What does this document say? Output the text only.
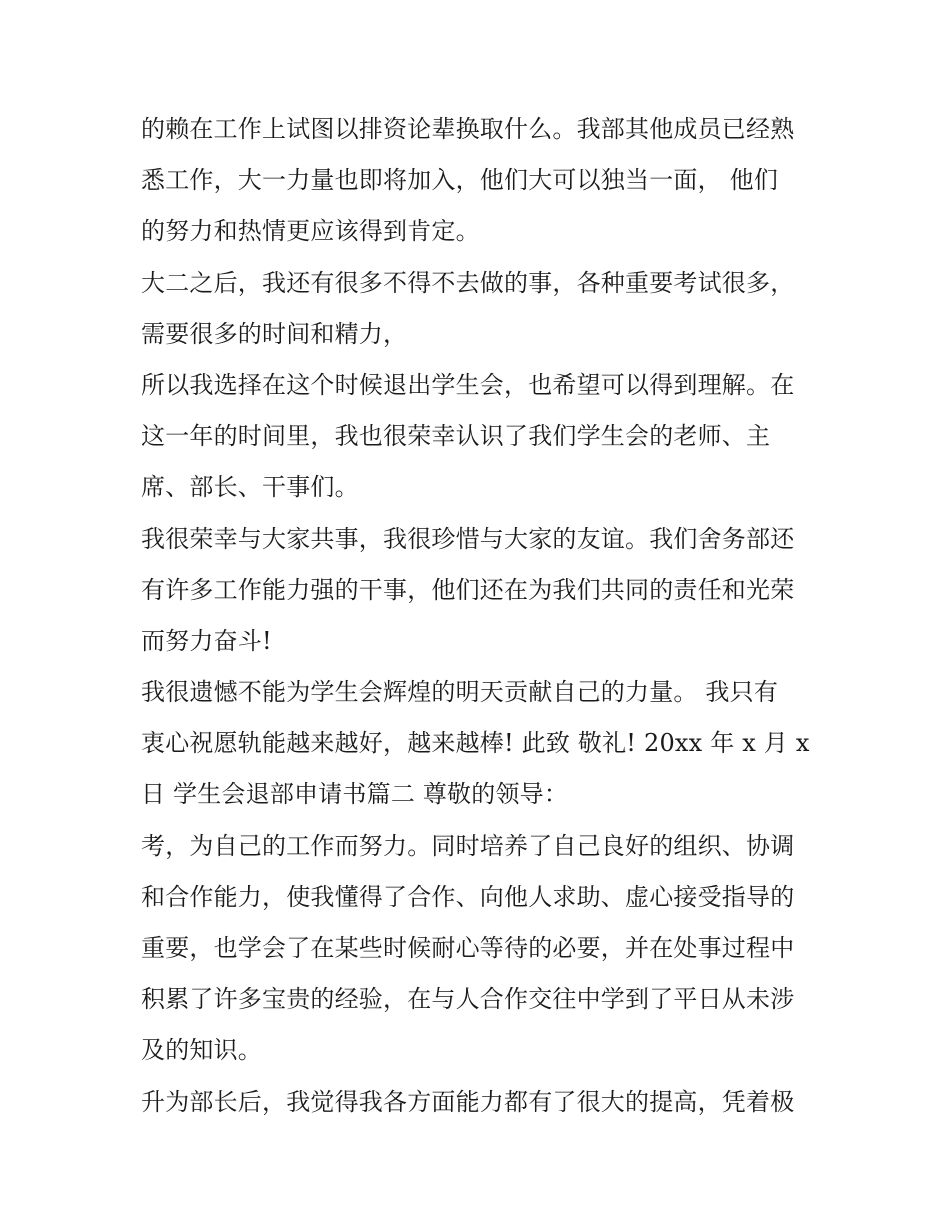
的赖在工作上试图以排资论辈换取什么。我部其他成员已经熟
悉工作，大一力量也即将加入，他们大可以独当一面， 他们
的努力和热情更应该得到肯定。
大二之后，我还有很多不得不去做的事，各种重要考试很多，
需要很多的时间和精力，
所以我选择在这个时候退出学生会，也希望可以得到理解。在
这一年的时间里，我也很荣幸认识了我们学生会的老师、主
席、部长、干事们。
我很荣幸与大家共事，我很珍惜与大家的友谊。我们舍务部还
有许多工作能力强的干事，他们还在为我们共同的责任和光荣
而努力奋斗!
我很遗憾不能为学生会辉煌的明天贡献自己的力量。 我只有
衷心祝愿轨能越来越好，越来越棒! 此致 敬礼! 20xx 年 x 月 x
日 学生会退部申请书篇二 尊敬的领导：
考，为自己的工作而努力。同时培养了自己良好的组织、协调
和合作能力，使我懂得了合作、向他人求助、虚心接受指导的
重要，也学会了在某些时候耐心等待的必要，并在处事过程中
积累了许多宝贵的经验，在与人合作交往中学到了平日从未涉
及的知识。
升为部长后，我觉得我各方面能力都有了很大的提高，凭着极
